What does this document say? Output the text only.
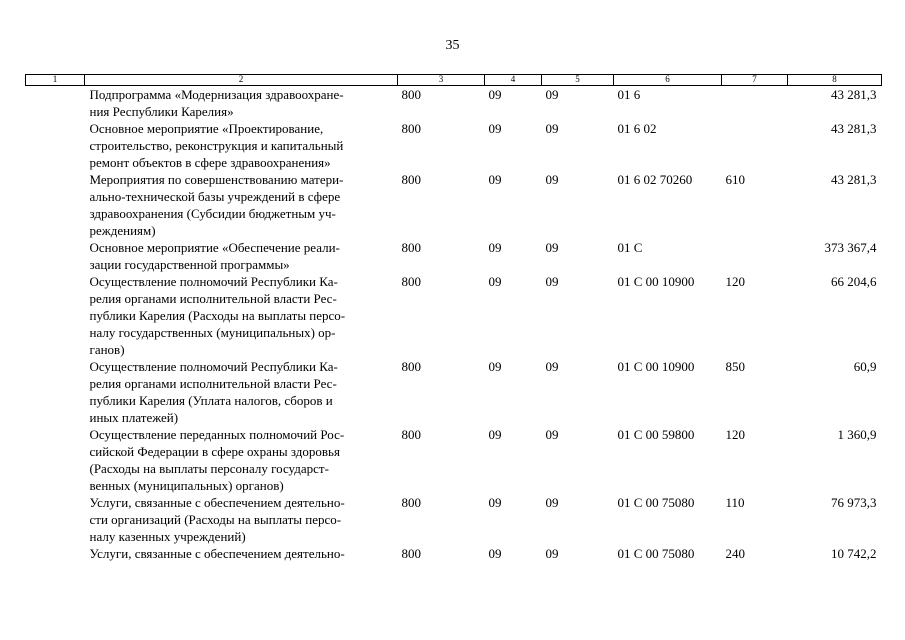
35
1	2	3	4	5	6	7	8

	Подпрограмма «Модернизация здравоохране-
ния Республики Карелия»	800	09	09	01 6		43 281,3

	Основное мероприятие «Проектирование,
строительство, реконструкция и капитальный
ремонт объектов в сфере здравоохранения»	800	09	09	01 6 02		43 281,3

	Мероприятия по совершенствованию матери-
ально-технической базы учреждений в сфере
здравоохранения (Субсидии бюджетным уч-
реждениям)	800	09	09	01 6 02 70260	610	43 281,3

	Основное мероприятие «Обеспечение реали-
зации государственной программы»	800	09	09	01 С		373 367,4

	Осуществление полномочий Республики Ка-
релия органами исполнительной власти Рес-
публики Карелия (Расходы на выплаты персо-
налу государственных (муниципальных) ор-
ганов)	800	09	09	01 С 00 10900	120	66 204,6

	Осуществление полномочий Республики Ка-
релия органами исполнительной власти Рес-
публики Карелия (Уплата налогов, сборов и
иных платежей)	800	09	09	01 С 00 10900	850	60,9

	Осуществление переданных полномочий Рос-
сийской Федерации в сфере охраны здоровья
(Расходы на выплаты персоналу государст-
венных (муниципальных) органов)	800	09	09	01 С 00 59800	120	1 360,9

	Услуги, связанные с обеспечением деятельно-
сти организаций (Расходы на выплаты персо-
налу казенных учреждений)	800	09	09	01 С 00 75080	110	76 973,3

	Услуги, связанные с обеспечением деятельно-	800	09	09	01 С 00 75080	240	10 742,2
